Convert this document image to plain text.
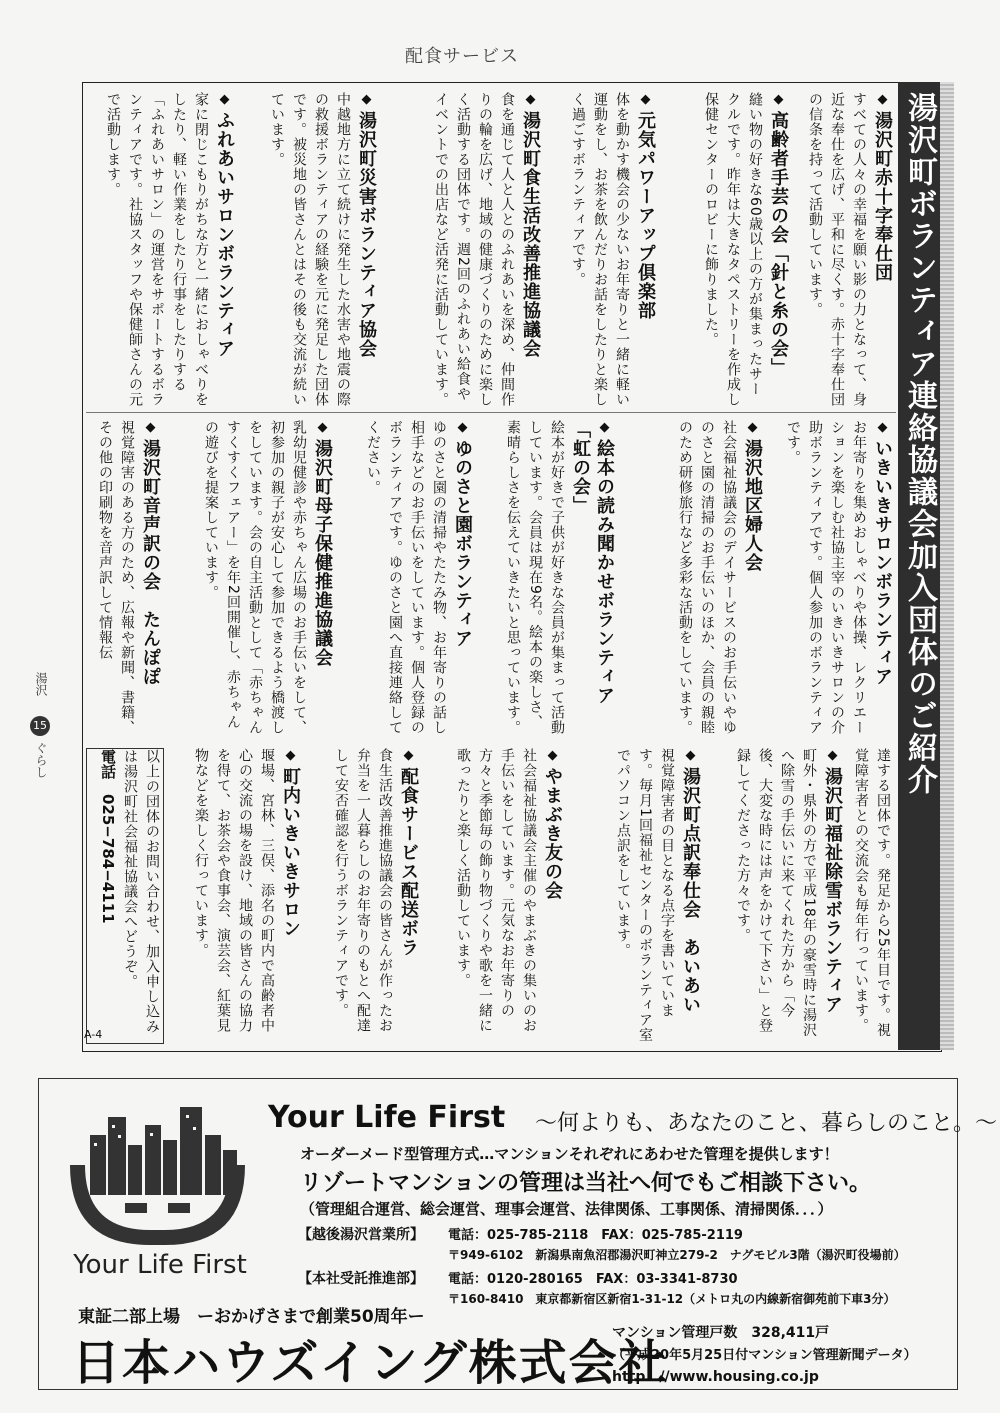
配食サービス
湯沢町ボランティア連絡協議会加入団体のご紹介
◆湯沢町赤十字奉仕団
すべての人々の幸福を願い影の力となって、身近な奉仕を広げ、平和に尽くす。赤十字奉仕団の信条を持って活動しています。
◆高齢者手芸の会「針と糸の会」
縫い物の好きな60歳以上の方が集まったサークルです。昨年は大きなタペストリーを作成し保健センターのロビーに飾りました。
◆元気パワーアップ倶楽部
体を動かす機会の少ないお年寄りと一緒に軽い運動をし、お茶を飲んだりお話をしたりと楽しく過ごすボランティアです。
◆湯沢町食生活改善推進協議会
食を通じて人と人とのふれあいを深め、仲間作りの輪を広げ、地域の健康づくりのために楽しく活動する団体です。週2回のふれあい給食やイベントでの出店など活発に活動しています。
◆湯沢町災害ボランティア協会
中越地方に立て続けに発生した水害や地震の際の救援ボランティアの経験を元に発足した団体です。被災地の皆さんとはその後も交流が続いています。
◆ふれあいサロンボランティア
家に閉じこもりがちな方と一緒におしゃべりをしたり、軽い作業をしたり行事をしたりする「ふれあいサロン」の運営をサポートするボランティアです。社協スタッフや保健師さんの元で活動します。
◆いきいきサロンボランティア
お年寄りを集めおしゃべりや体操、レクリエーションを楽しむ社協主宰のいきいきサロンの介助ボランティアです。個人参加のボランティアです。
◆湯沢地区婦人会
社会福祉協議会のデイサービスのお手伝いやゆのさと園の清掃のお手伝いのほか、会員の親睦のため研修旅行など多彩な活動をしています。
◆絵本の読み聞かせボランティア「虹の会」
絵本が好きで子供が好きな会員が集まって活動しています。会員は現在9名。絵本の楽しさ、素晴らしさを伝えていきたいと思っています。
◆ゆのさと園ボランティア
ゆのさと園の清掃やたたみ物、お年寄りの話し相手などのお手伝いをしています。個人登録のボランティアです。ゆのさと園へ直接連絡してください。
◆湯沢町母子保健推進協議会
乳幼児健診や赤ちゃん広場のお手伝いをして、初参加の親子が安心して参加できるよう橋渡しをしています。会の自主活動として「赤ちゃんすくすくフェアー」を年2回開催し、赤ちゃんの遊びを提案しています。
◆湯沢町音声訳の会　たんぽぽ
視覚障害のある方のため、広報や新聞、書籍、その他の印刷物を音声訳して情報伝
達する団体です。発足から25年目です。視覚障害者との交流会も毎年行っています。
◆湯沢町福祉除雪ボランティア
町外・県外の方で平成18年の豪雪時に湯沢へ除雪の手伝いに来てくれた方から「今後、大変な時には声をかけて下さい」と登録してくださった方々です。
◆湯沢町点訳奉仕会　あいあい
視覚障害者の目となる点字を書いています。毎月1回福祉センターのボランティア室でパソコン点訳をしています。
◆やまぶき友の会
社会福祉協議会主催のやまぶきの集いのお手伝いをしています。元気なお年寄りの方々と季節毎の飾り物づくりや歌を一緒に歌ったりと楽しく活動しています。
◆配食サービス配送ボラ
食生活改善推進協議会の皆さんが作ったお弁当を一人暮らしのお年寄りのもとへ配達して安否確認を行うボランティアです。
◆町内いきいきサロン
堰場、宮林、三俣、添名の町内で高齢者中心の交流の場を設け、地域の皆さんの協力を得て、お茶会や食事会、演芸会、紅葉見物などを楽しく行っています。
以上の団体のお問い合わせ、加入申し込みは湯沢町社会福祉協議会へどうぞ。
電話　025−784−4111
A-4
湯沢
15
ぐらし
Your Life First
Your Life First 〜何よりも、あなたのこと、暮らしのこと。〜
オーダーメード型管理方式…マンションそれぞれにあわせた管理を提供します！
リゾートマンションの管理は当社へ何でもご相談下さい。
（管理組合運営、総会運営、理事会運営、法律関係、工事関係、清掃関係．．．）
【越後湯沢営業所】 電話：025-785-2118　FAX：025-785-2119
〒949-6102　新潟県南魚沼郡湯沢町神立279-2　ナグモビル3階（湯沢町役場前）
【本社受託推進部】 電話：0120-280165　FAX：03-3341-8730
〒160-8410　東京都新宿区新宿1-31-12（メトロ丸の内線新宿御苑前下車3分）
東証二部上場　ーおかげさまで創業50周年ー
日本ハウズイング株式会社
マンション管理戸数　328,411戸
（平成20年5月25日付マンション管理新聞データ）
http：//www.housing.co.jp
